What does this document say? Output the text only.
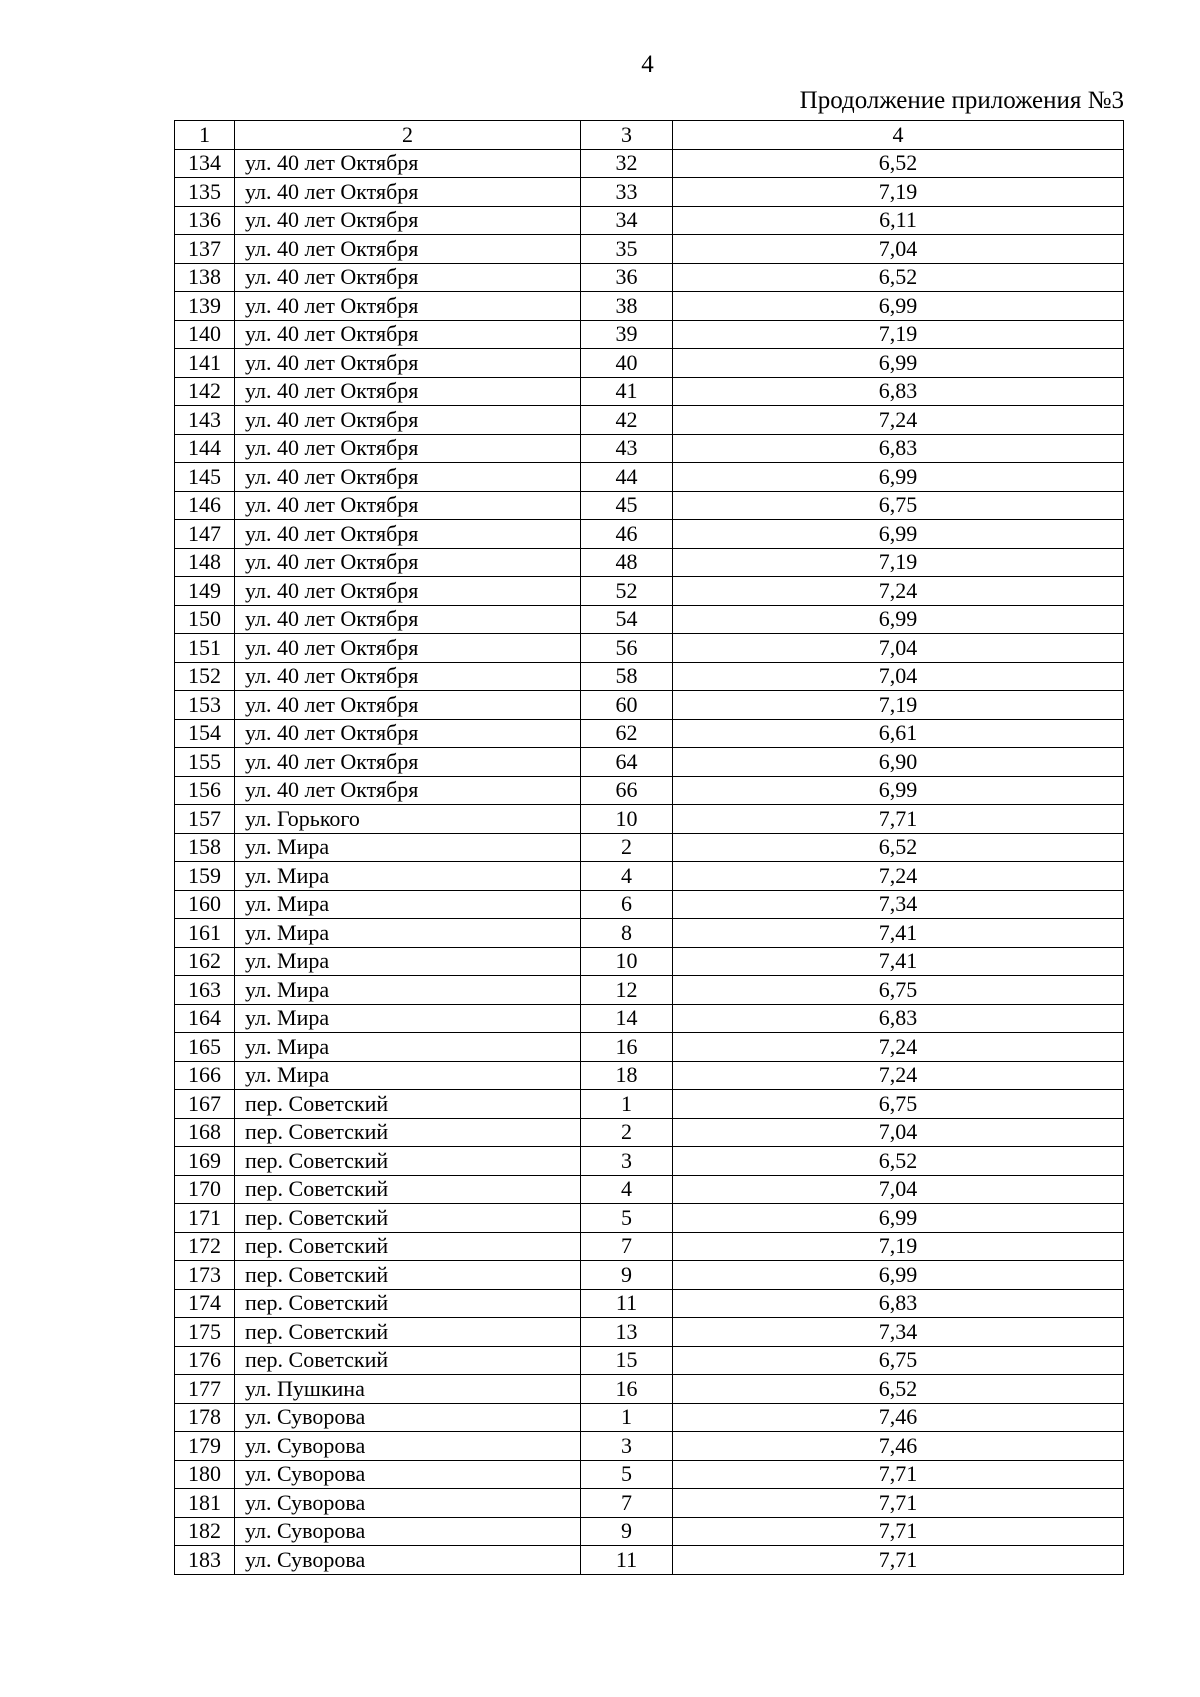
4
Продолжение приложения №3
1	2	3	4
134	ул. 40 лет Октября	32	6,52
135	ул. 40 лет Октября	33	7,19
136	ул. 40 лет Октября	34	6,11
137	ул. 40 лет Октября	35	7,04
138	ул. 40 лет Октября	36	6,52
139	ул. 40 лет Октября	38	6,99
140	ул. 40 лет Октября	39	7,19
141	ул. 40 лет Октября	40	6,99
142	ул. 40 лет Октября	41	6,83
143	ул. 40 лет Октября	42	7,24
144	ул. 40 лет Октября	43	6,83
145	ул. 40 лет Октября	44	6,99
146	ул. 40 лет Октября	45	6,75
147	ул. 40 лет Октября	46	6,99
148	ул. 40 лет Октября	48	7,19
149	ул. 40 лет Октября	52	7,24
150	ул. 40 лет Октября	54	6,99
151	ул. 40 лет Октября	56	7,04
152	ул. 40 лет Октября	58	7,04
153	ул. 40 лет Октября	60	7,19
154	ул. 40 лет Октября	62	6,61
155	ул. 40 лет Октября	64	6,90
156	ул. 40 лет Октября	66	6,99
157	ул. Горького	10	7,71
158	ул. Мира	2	6,52
159	ул. Мира	4	7,24
160	ул. Мира	6	7,34
161	ул. Мира	8	7,41
162	ул. Мира	10	7,41
163	ул. Мира	12	6,75
164	ул. Мира	14	6,83
165	ул. Мира	16	7,24
166	ул. Мира	18	7,24
167	пер. Советский	1	6,75
168	пер. Советский	2	7,04
169	пер. Советский	3	6,52
170	пер. Советский	4	7,04
171	пер. Советский	5	6,99
172	пер. Советский	7	7,19
173	пер. Советский	9	6,99
174	пер. Советский	11	6,83
175	пер. Советский	13	7,34
176	пер. Советский	15	6,75
177	ул. Пушкина	16	6,52
178	ул. Суворова	1	7,46
179	ул. Суворова	3	7,46
180	ул. Суворова	5	7,71
181	ул. Суворова	7	7,71
182	ул. Суворова	9	7,71
183	ул. Суворова	11	7,71
